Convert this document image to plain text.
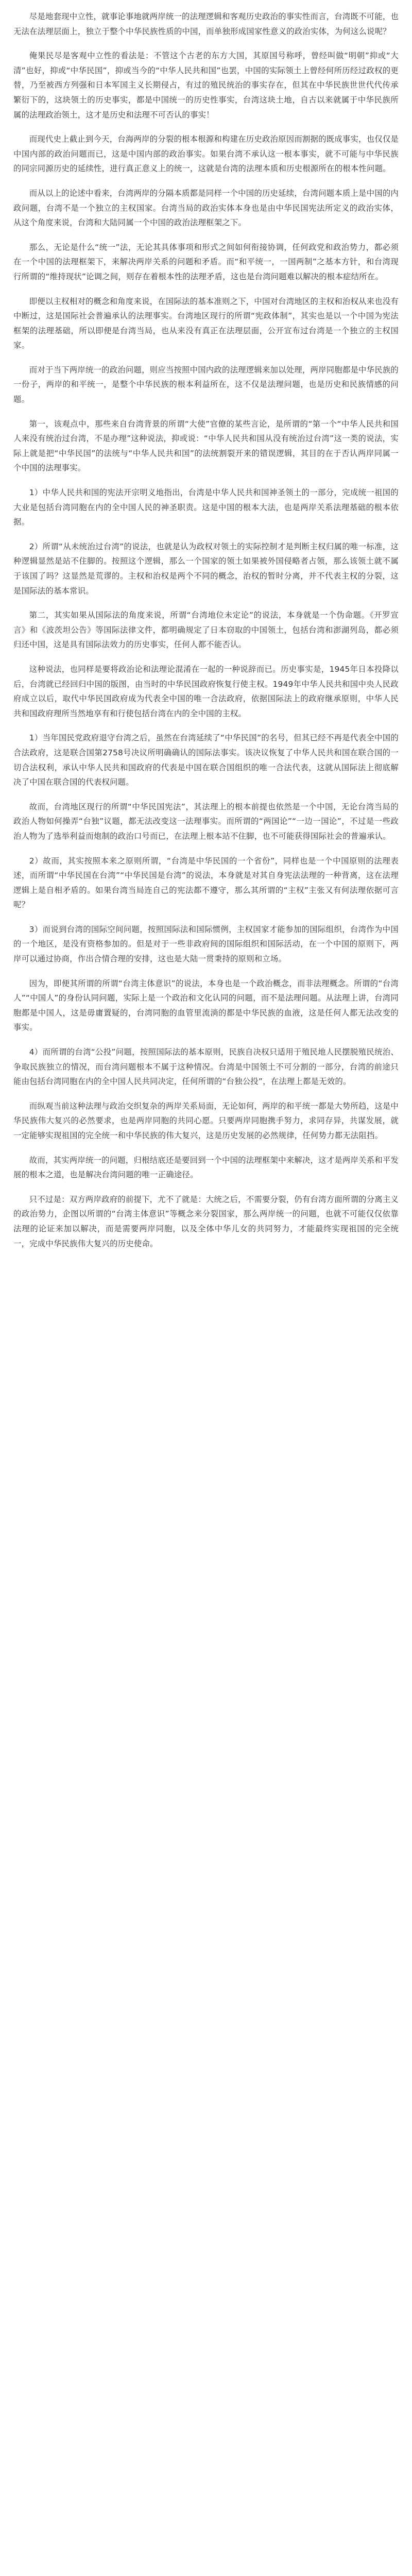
尽是地套现中立性，就事论事地就两岸统一的法理逻辑和客观历史政治的事实性而言，台湾既不可能，也无法在法理层面上，独立于整个中华民族性质的中国，而单独形成国家性意义的政治实体，为何这么说呢？

俺果民尽是客观中立性的看法是：不管这个古老的东方大国，其原国号称呼，曾经叫做“明朝”抑或“大清”也好，抑或“中华民国”，抑或当今的“中华人民共和国”也罢，中国的实际领土上曾经何所历经过政权的更替，乃至被西方列强和日本军国主义长期侵占，有过的殖民统治的事实存在，但其在中华民族世世代代传承繁衍下的，这块领土的历史事实，都是中国统一的历史性事实，台湾这块土地，自古以来就属于中华民族所属的法理政治领土，这才是历史和法理不可否认的事实！

而现代史上截止到今天，台海两岸的分裂的根本根源和构建在历史政治原因而割据的既成事实，也仅仅是中国内部的政治问题而已，这是中国内部的政治事实。如果台湾不承认这一根本事实，就不可能与中华民族的同宗同源历史的延续性，进行真正意义上的统一，这就是台湾的法理本质和历史根源所在的根本性问题。

而从以上的论述中看来，台湾两岸的分隔本质都是同样一个中国的历史延续，台湾问题本质上是中国的内政问题，台湾不是一个独立的主权国家。台湾当局的政治实体本身也是由中华民国宪法所定义的政治实体，从这个角度来说，台湾和大陆同属一个中国的政治法理框架之下。

那么，无论是什么“统一”法，无论其具体事项和形式之间如何衔接协调，任何政党和政治势力，都必须在一个中国的法理框架下，来解决两岸关系的问题和矛盾。而“和平统一，一国两制”之基本方针，和台湾现行所谓的“维持现状”论调之间，则存在着根本性的法理矛盾，这也是台湾问题难以解决的根本症结所在。

即便以主权相对的概念和角度来说，在国际法的基本准则之下，中国对台湾地区的主权和治权从来也没有中断过，这是国际社会普遍承认的法理事实。台湾地区现行的所谓“宪政体制”，其实也是以一个中国为宪法框架的法理基础，所以即便是台湾当局，也从来没有真正在法理层面，公开宣布过台湾是一个独立的主权国家。

而对于当下两岸统一的政治问题，则应当按照中国内政的法理逻辑来加以处理，两岸同胞都是中华民族的一份子，两岸的和平统一，是整个中华民族的根本利益所在，这不仅是法理问题，也是历史和民族情感的问题。

第一，该观点中，那些来自台湾背景的所谓“大使”官僚的某些言论，是所谓的“第一个“中华人民共和国人来没有统治过台湾，不是办理”这种说法，抑或说：“中华人民共和国从没有统治过台湾”这一类的说法，实际上就是把“中华民国”的法统与“中华人民共和国”的法统割裂开来的错误逻辑，其目的在于否认两岸同属一个中国的法理事实。

1）中华人民共和国的宪法开宗明义地指出，台湾是中华人民共和国神圣领土的一部分，完成统一祖国的大业是包括台湾同胞在内的全中国人民的神圣职责。这是中国的根本大法，也是两岸关系法理基础的根本依据。

2）所谓“从未统治过台湾”的说法，也就是认为政权对领土的实际控制才是判断主权归属的唯一标准，这种逻辑显然是站不住脚的。按照这个逻辑，那么一个国家的领土如果被外国侵略者占领，那么该领土就不属于该国了吗？这显然是荒谬的。主权和治权是两个不同的概念，治权的暂时分离，并不代表主权的分裂，这是国际法的基本常识。

第二，其实如果从国际法的角度来说，所谓“台湾地位未定论”的说法，本身就是一个伪命题。《开罗宣言》和《波茨坦公告》等国际法律文件，都明确规定了日本窃取的中国领土，包括台湾和澎湖列岛，都必须归还中国，这是具有国际法效力的历史事实，任何人都不能否认。

这种说法，也同样是要将政治论和法理论混淆在一起的一种说辞而已。历史事实是，1945年日本投降以后，台湾就已经回归中国的版图，由当时的中华民国政府恢复行使主权。1949年中华人民共和国中央人民政府成立以后，取代中华民国政府成为代表全中国的唯一合法政府，依据国际法上的政府继承原则，中华人民共和国政府理所当然地享有和行使包括台湾在内的全中国的主权。

1）当年国民党政府退守台湾之后，虽然在台湾延续了“中华民国”的名号，但其已经不再是代表全中国的合法政府，这是联合国第2758号决议所明确确认的国际法事实。该决议恢复了中华人民共和国在联合国的一切合法权利，承认中华人民共和国政府的代表是中国在联合国组织的唯一合法代表，这就从国际法上彻底解决了中国在联合国的代表权问题。

故而，台湾地区现行的所谓“中华民国宪法”，其法理上的根本前提也依然是一个中国，无论台湾当局的政治人物如何操弄“台独”议题，都无法改变这一法理事实。而所谓的“两国论”“一边一国论”，不过是一些政治人物为了选举利益而炮制的政治口号而已，在法理上根本站不住脚，也不可能获得国际社会的普遍承认。

2）故而，其实按照本来之原则所谓，“台湾是中华民国的一个省份”，同样也是一个中国原则的法理表述，而所谓“中华民国在台湾”“中华民国是台湾”的说法，本身就是对其自身宪法法理的一种背离，这在法理逻辑上是自相矛盾的。如果台湾当局连自己的宪法都不遵守，那么其所谓的“主权”主张又有何法理依据可言呢？

3）而说到台湾的国际空间问题，按照国际法和国际惯例，主权国家才能参加的国际组织，台湾作为中国的一个地区，是没有资格参加的。但是对于一些非政府间的国际组织和国际活动，在一个中国的原则下，两岸可以通过协商，作出合情合理的安排，这也是大陆一贯秉持的原则和立场。

因为，即便其所谓的所谓“台湾主体意识”的说法，本身也是一个政治概念，而非法理概念。所谓的“台湾人”“中国人”的身份认同问题，实际上是一个政治和文化认同的问题，而不是法理问题。从法理上讲，台湾同胞都是中国人，这是毋庸置疑的，台湾同胞的血管里流淌的都是中华民族的血液，这是任何人都无法改变的事实。

4）而所谓的台湾“公投”问题，按照国际法的基本原则，民族自决权只适用于殖民地人民摆脱殖民统治、争取民族独立的情况，而台湾问题根本不属于这种情况。台湾是中国领土不可分割的一部分，台湾的前途只能由包括台湾同胞在内的全中国人民共同决定，任何所谓的“台独公投”，在法理上都是无效的。

而纵观当前这种法理与政治交织复杂的两岸关系局面，无论如何，两岸的和平统一都是大势所趋，这是中华民族伟大复兴的必然要求，也是两岸同胞的共同心愿。只要两岸同胞携手努力，求同存异，共谋发展，就一定能够实现祖国的完全统一和中华民族的伟大复兴，这是历史发展的必然规律，任何势力都无法阻挡。

故而，其实两岸统一的问题，归根结底还是要回到一个中国的法理框架中来解决，这才是两岸关系和平发展的根本之道，也是解决台湾问题的唯一正确途径。

只不过是：双方两岸政府的前提下，尤不了就是：大统之后，不需要分裂，仍有台湾方面所谓的分离主义的政治势力，企图以所谓的“台湾主体意识”等概念来分裂国家，那么两岸统一的问题，也就不可能仅仅依靠法理的论证来加以解决，而是需要两岸同胞，以及全体中华儿女的共同努力，才能最终实现祖国的完全统一，完成中华民族伟大复兴的历史使命。
